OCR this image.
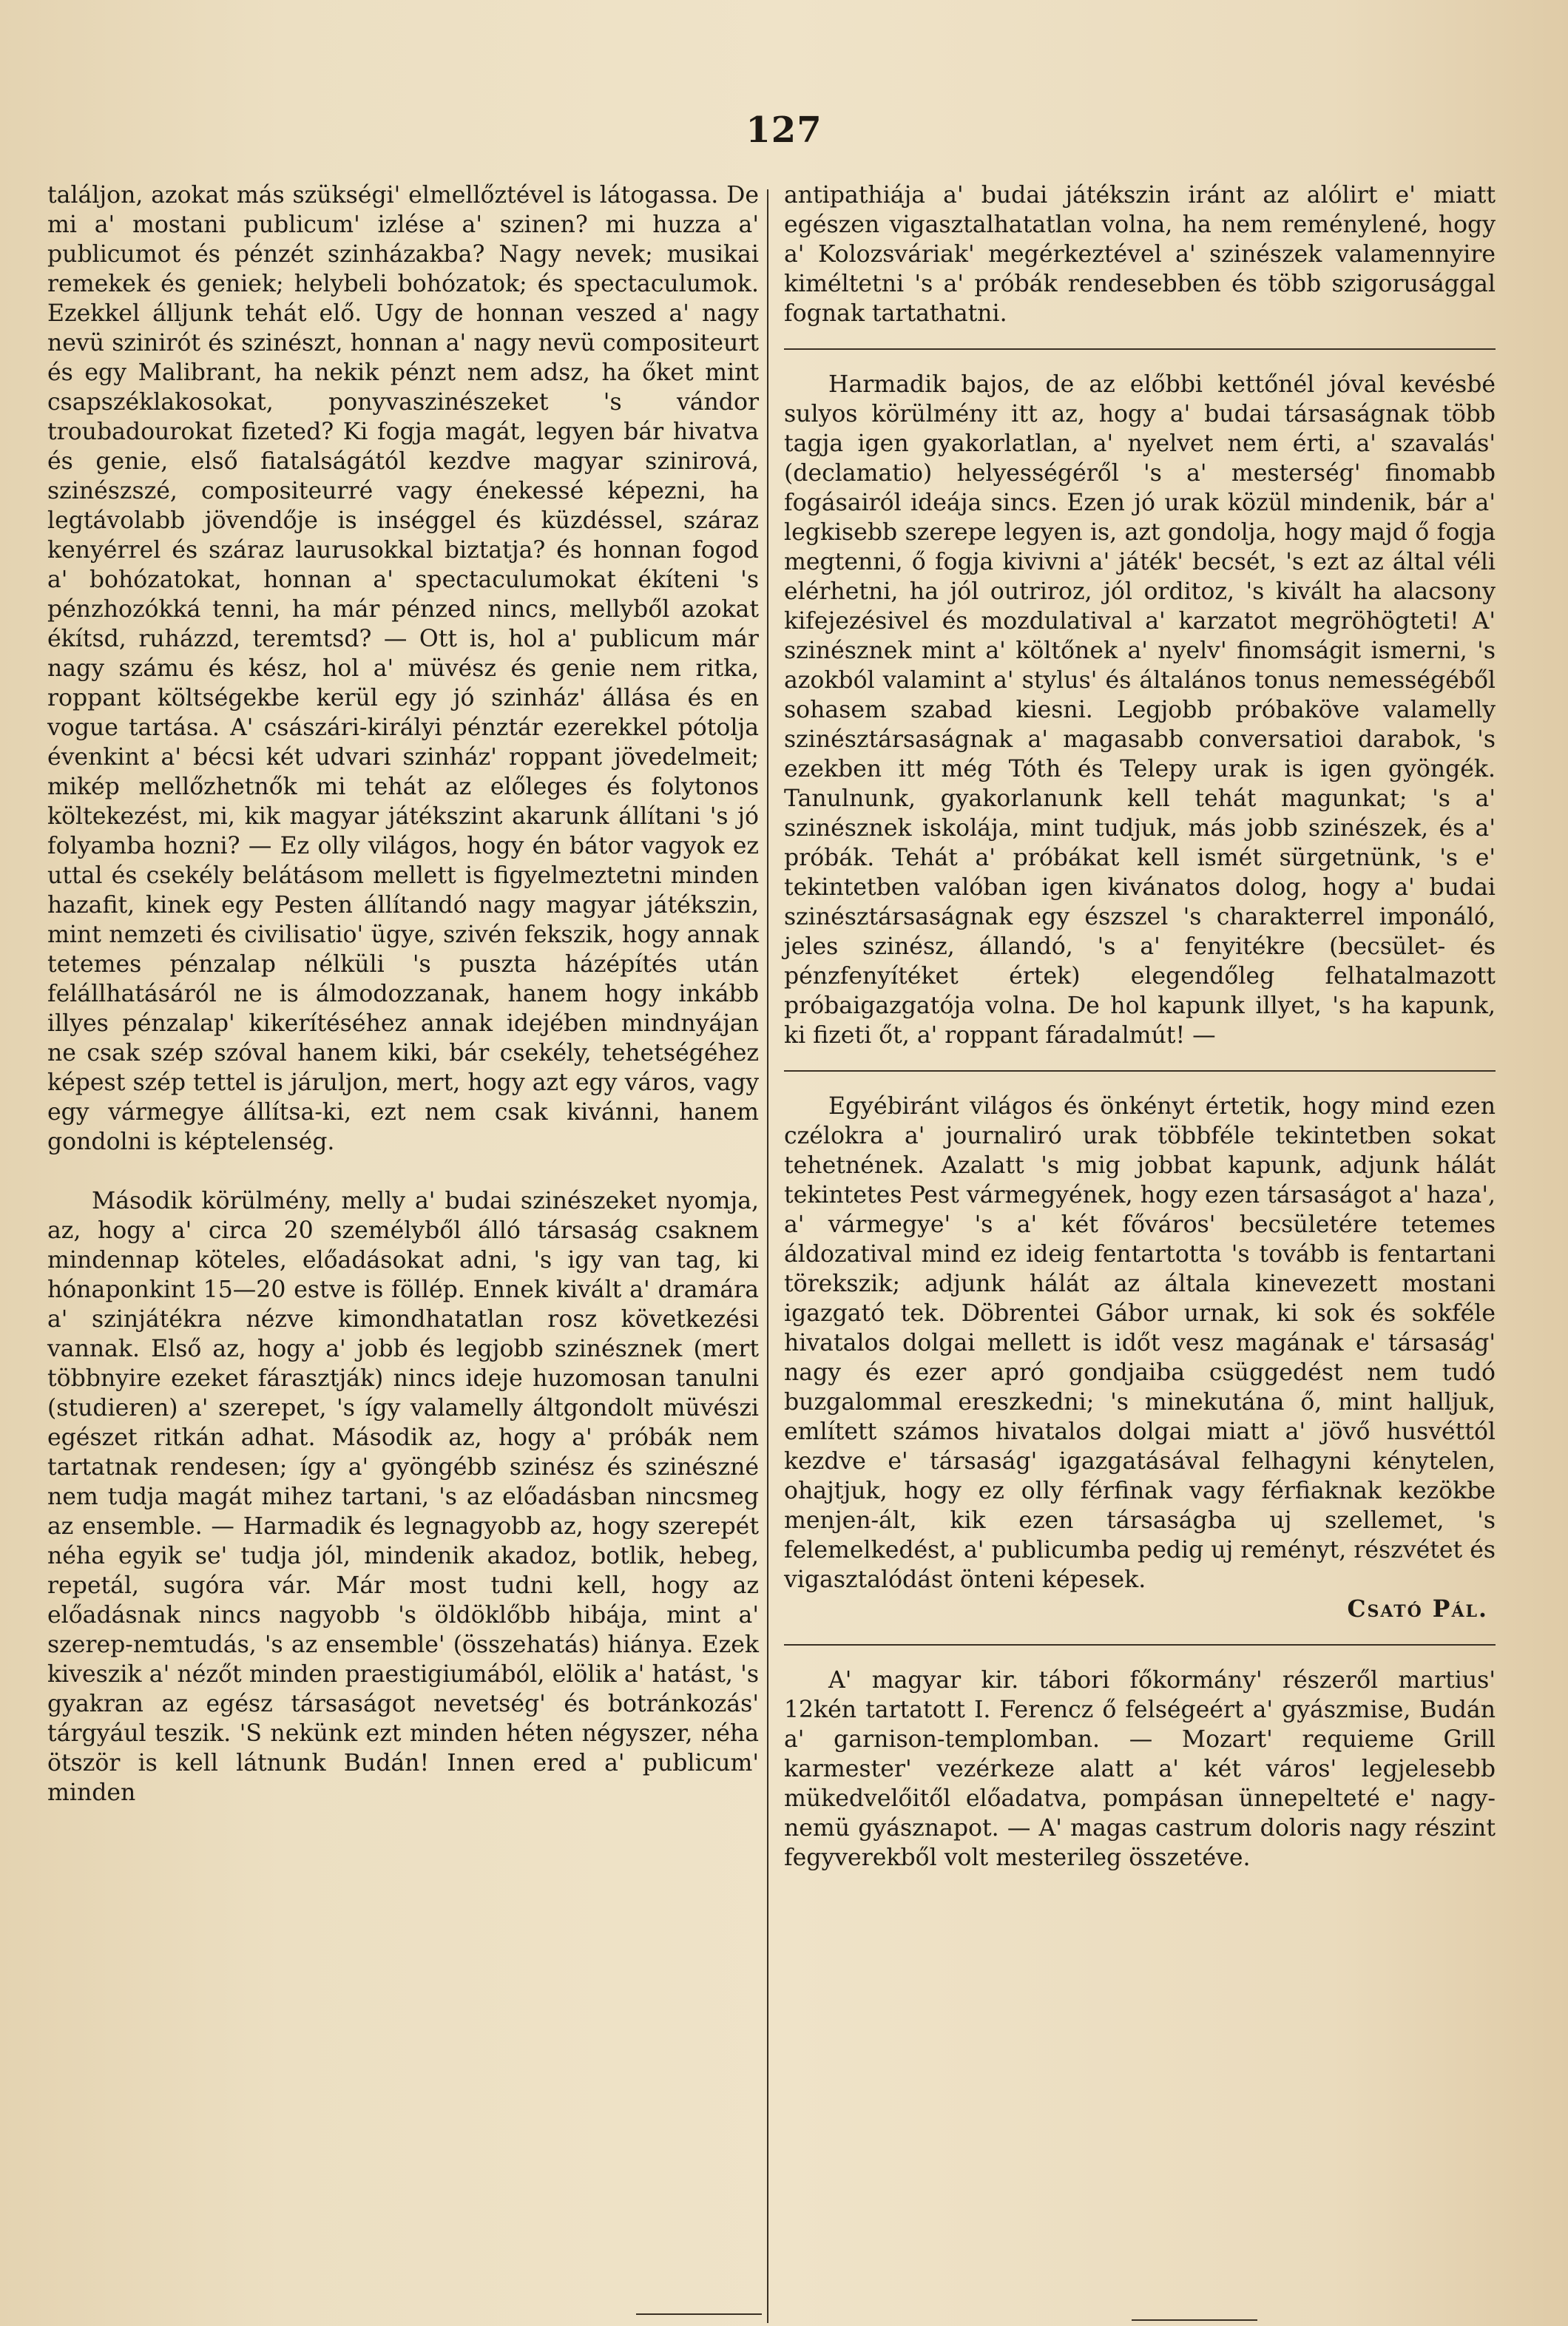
127

találjon, azokat más szükségi' elmellőztével is látogassa. De mi a' mostani publicum' izlése a' szinen? mi huzza a' publicumot és pénzét szinházakba? Nagy nevek; musikai remekek és geniek; helybeli bohózatok; és spectaculumok. Ezekkel álljunk tehát elő. Ugy de honnan veszed a' nagy nevü szinirót és szinészt, honnan a' nagy nevü compositeurt és egy Malibrant, ha nekik pénzt nem adsz, ha őket mint csapszéklakosokat, ponyvaszinészeket 's vándor troubadourokat fizeted? Ki fogja magát, legyen bár hivatva és genie, első fiatalságától kezdve magyar szinirová, szinészszé, compositeurré vagy énekessé képezni, ha legtávolabb jövendője is inséggel és küzdéssel, száraz kenyérrel és száraz laurusokkal biztatja? és honnan fogod a' bohózatokat, honnan a' spectaculumokat ékíteni 's pénzhozókká tenni, ha már pénzed nincs, mellyből azokat ékítsd, ruházzd, teremtsd? — Ott is, hol a' publicum már nagy számu és kész, hol a' müvész és genie nem ritka, roppant költségekbe kerül egy jó szinház' állása és en vogue tartása. A' császári-királyi pénztár ezerekkel pótolja évenkint a' bécsi két udvari szinház' roppant jövedelmeit; mikép mellőzhetnők mi tehát az előleges és folytonos költekezést, mi, kik magyar játékszint akarunk állítani 's jó folyamba hozni? — Ez olly világos, hogy én bátor vagyok ez uttal és csekély belátásom mellett is figyelmeztetni minden hazafit, kinek egy Pesten állítandó nagy magyar játékszin, mint nemzeti és civilisatio' ügye, szivén fekszik, hogy annak tetemes pénzalap nélküli 's puszta házépítés után felállhatásáról ne is álmodozzanak, hanem hogy inkább illyes pénzalap' kikerítéséhez annak idejében mindnyájan ne csak szép szóval hanem kiki, bár csekély, tehetségéhez képest szép tettel is járuljon, mert, hogy azt egy város, vagy egy vármegye állítsa-ki, ezt nem csak kivánni, hanem gondolni is képtelenség.

Második körülmény, melly a' budai szinészeket nyomja, az, hogy a' circa 20 személyből álló társaság csaknem mindennap köteles, előadásokat adni, 's igy van tag, ki hónaponkint 15—20 estve is föllép. Ennek kivált a' dramára a' szinjátékra nézve kimondhatatlan rosz következési vannak. Első az, hogy a' jobb és legjobb szinésznek (mert többnyire ezeket fárasztják) nincs ideje huzomosan tanulni (studieren) a' szerepet, 's így valamelly áltgondolt müvészi egészet ritkán adhat. Második az, hogy a' próbák nem tartatnak rendesen; így a' gyöngébb szinész és szinészné nem tudja magát mihez tartani, 's az előadásban nincsmeg az ensemble. — Harmadik és legnagyobb az, hogy szerepét néha egyik se' tudja jól, mindenik akadoz, botlik, hebeg, repetál, sugóra vár. Már most tudni kell, hogy az előadásnak nincs nagyobb 's öldöklőbb hibája, mint a' szerep-nemtudás, 's az ensemble' (összehatás) hiánya. Ezek kiveszik a' nézőt minden praestigiumából, elölik a' hatást, 's gyakran az egész társaságot nevetség' és botránkozás' tárgyául teszik. 'S nekünk ezt minden héten négyszer, néha ötször is kell látnunk Budán! Innen ered a' publicum' minden

antipathiája a' budai játékszin iránt az alólirt e' miatt egészen vigasztalhatatlan volna, ha nem reménylené, hogy a' Kolozsváriak' megérkeztével a' szinészek valamennyire kiméltetni 's a' próbák rendesebben és több szigorusággal fognak tartathatni.

Harmadik bajos, de az előbbi kettőnél jóval kevésbé sulyos körülmény itt az, hogy a' budai társaságnak több tagja igen gyakorlatlan, a' nyelvet nem érti, a' szavalás' (declamatio) helyességéről 's a' mesterség' finomabb fogásairól ideája sincs. Ezen jó urak közül mindenik, bár a' legkisebb szerepe legyen is, azt gondolja, hogy majd ő fogja megtenni, ő fogja kivivni a' játék' becsét, 's ezt az által véli elérhetni, ha jól outriroz, jól orditoz, 's kivált ha alacsony kifejezésivel és mozdulatival a' karzatot megröhögteti! A' szinésznek mint a' költőnek a' nyelv' finomságit ismerni, 's azokból valamint a' stylus' és általános tonus nemességéből sohasem szabad kiesni. Legjobb próbaköve valamelly szinésztársaságnak a' magasabb conversatioi darabok, 's ezekben itt még Tóth és Telepy urak is igen gyöngék. Tanulnunk, gyakorlanunk kell tehát magunkat; 's a' szinésznek iskolája, mint tudjuk, más jobb szinészek, és a' próbák. Tehát a' próbákat kell ismét sürgetnünk, 's e' tekintetben valóban igen kivánatos dolog, hogy a' budai szinésztársaságnak egy észszel 's charakterrel imponáló, jeles szinész, állandó, 's a' fenyitékre (becsület- és pénzfenyítéket értek) elegendőleg felhatalmazott próbaigazgatója volna. De hol kapunk illyet, 's ha kapunk, ki fizeti őt, a' roppant fáradalmút! —

Egyébiránt világos és önkényt értetik, hogy mind ezen czélokra a' journaliró urak többféle tekintetben sokat tehetnének. Azalatt 's mig jobbat kapunk, adjunk hálát tekintetes Pest vármegyének, hogy ezen társaságot a' haza', a' vármegye' 's a' két főváros' becsületére tetemes áldozatival mind ez ideig fentartotta 's tovább is fentartani törekszik; adjunk hálát az általa kinevezett mostani igazgató tek. Döbrentei Gábor urnak, ki sok és sokféle hivatalos dolgai mellett is időt vesz magának e' társaság' nagy és ezer apró gondjaiba csüggedést nem tudó buzgalommal ereszkedni; 's minekutána ő, mint halljuk, említett számos hivatalos dolgai miatt a' jövő husvéttól kezdve e' társaság' igazgatásával felhagyni kénytelen, ohajtjuk, hogy ez olly férfinak vagy férfiaknak kezökbe menjen-ált, kik ezen társaságba uj szellemet, 's felemelkedést, a' publicumba pedig uj reményt, részvétet és vigasztalódást önteni képesek.

Csató Pál.

A' magyar kir. tábori főkormány' részeről martius' 12kén tartatott I. Ferencz ő felségeért a' gyászmise, Budán a' garnison-templomban. — Mozart' requieme Grill karmester' vezérkeze alatt a' két város' legjelesebb mükedvelőitől előadatva, pompásan ünnepelteté e' nagy-nemü gyásznapot. — A' magas castrum doloris nagy részint fegyverekből volt mesterileg összetéve.
